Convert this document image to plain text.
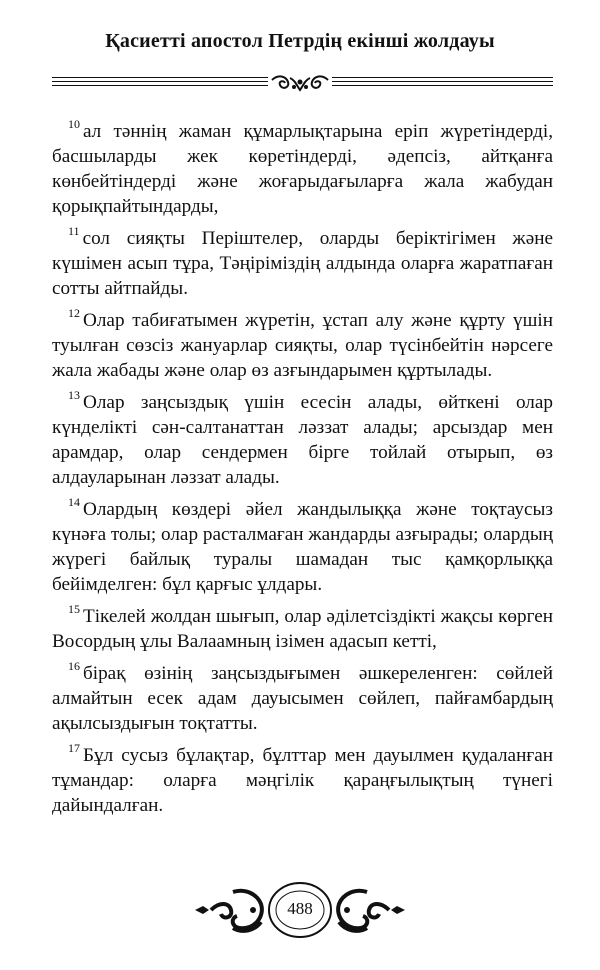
Қасиетті апостол Петрдің екінші жолдауы

$^{10}$ ал тәннің жаман құмарлықтарына еріп жүретіндерді, басшыларды жек көретіндерді, әдепсіз, айтқанға көнбейтіндерді және жоғарыдағыларға жала жабудан қорықпайтындарды,

$^{11}$ сол сияқты Періштелер, оларды беріктігімен және күшімен асып тұра, Тәңіріміздің алдында оларға жаратпаған сотты айтпайды.

$^{12}$ Олар табиғатымен жүретін, ұстап алу және құрту үшін туылған сөзсіз жануарлар сияқты, олар түсінбейтін нәрсеге жала жабады және олар өз азғындарымен құртылады.

$^{13}$ Олар заңсыздық үшін есесін алады, өйткені олар күнделікті сән-салтанаттан ләззат алады; арсыздар мен арамдар, олар сендермен бірге тойлай отырып, өз алдауларынан ләззат алады.

$^{14}$ Олардың көздері әйел жандылыққа және тоқтаусыз күнәға толы; олар расталмаған жандарды азғырады; олардың жүрегі байлық туралы шамадан тыс қамқорлыққа бейімделген: бұл қарғыс ұлдары.

$^{15}$ Тікелей жолдан шығып, олар әділетсіздікті жақсы көрген Восордың ұлы Валаамның ізімен адасып кетті,

$^{16}$ бірақ өзінің заңсыздығымен әшкереленген: сөйлей алмайтын есек адам дауысымен сөйлеп, пайғамбардың ақылсыздығын тоқтатты.

$^{17}$ Бұл сусыз бұлақтар, бұлттар мен дауылмен қудаланған тұмандар: оларға мәңгілік қараңғылықтың түнегі дайындалған.

488
